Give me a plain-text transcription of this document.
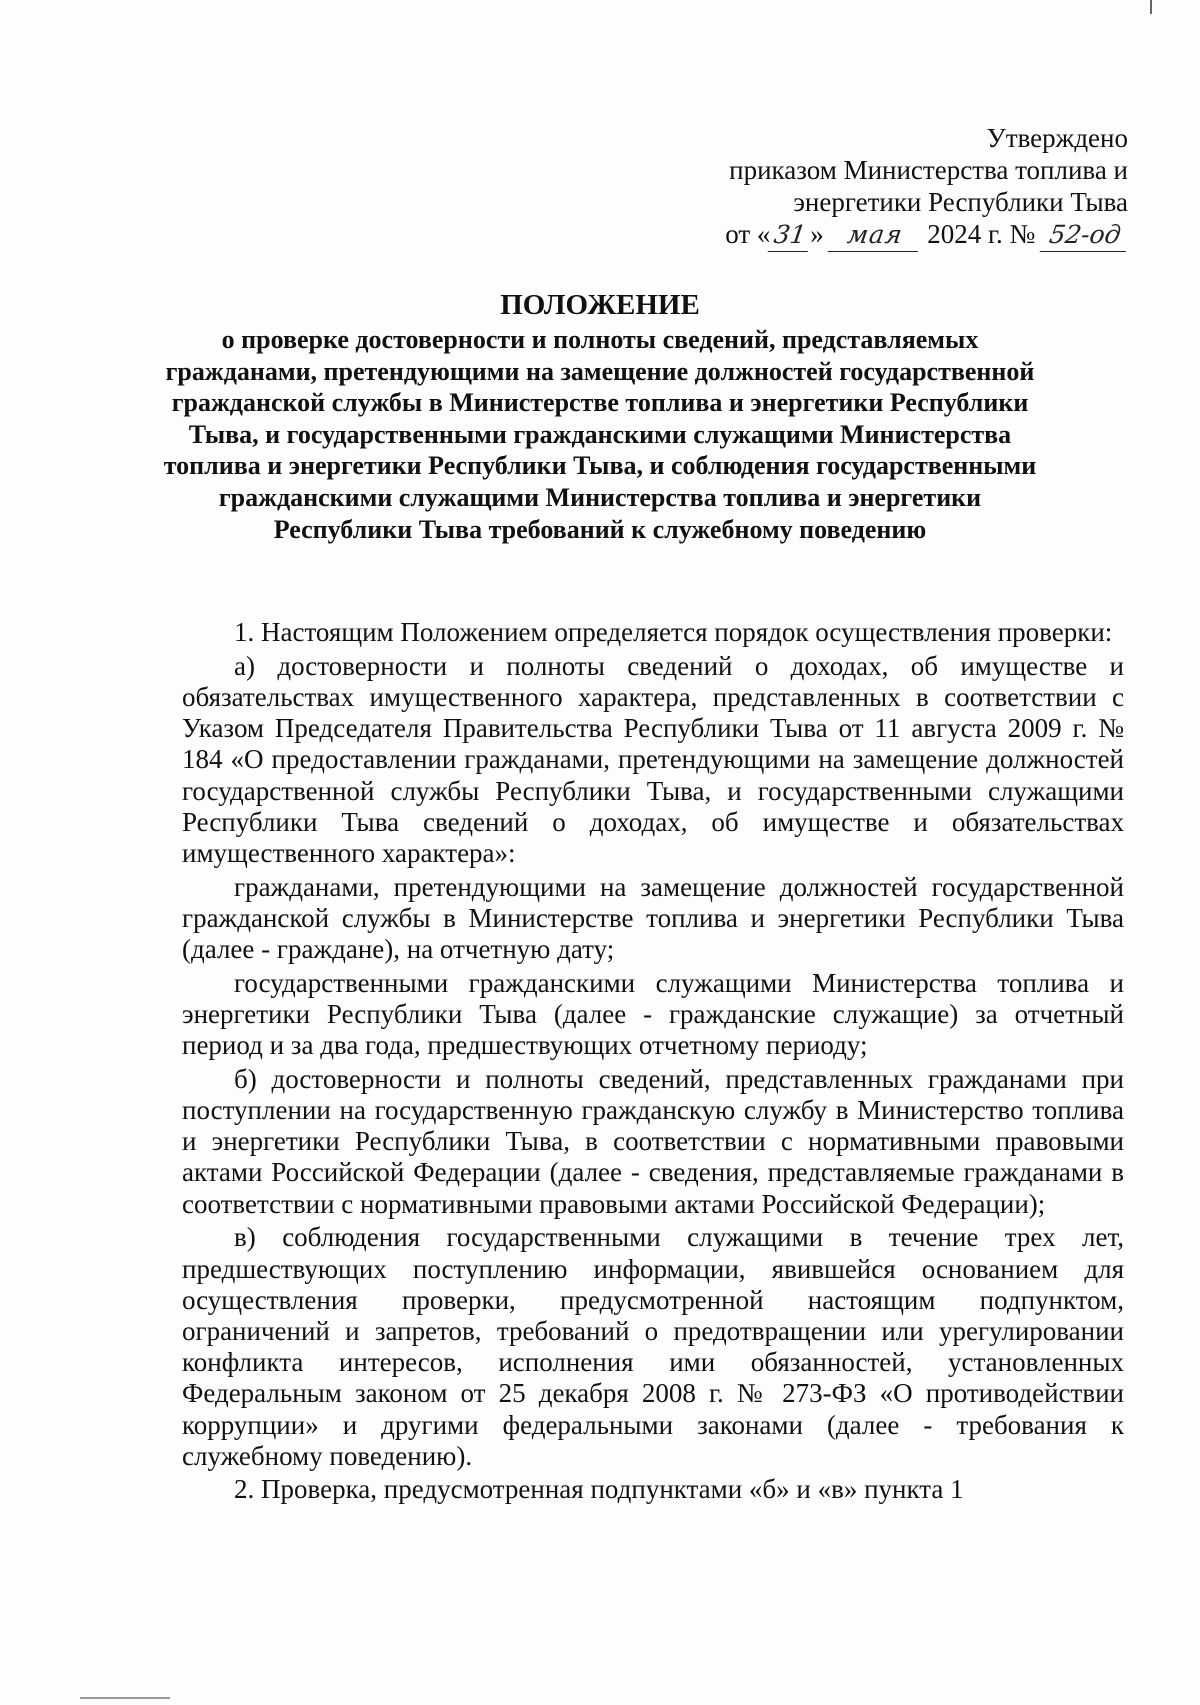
Утверждено
приказом Министерства топлива и
энергетики Республики Тыва
от «31» мая 2024 г. № 52-од
ПОЛОЖЕНИЕ
о проверке достоверности и полноты сведений, представляемых гражданами, претендующими на замещение должностей государственной гражданской службы в Министерстве топлива и энергетики Республики Тыва, и государственными гражданскими служащими Министерства топлива и энергетики Республики Тыва, и соблюдения государственными гражданскими служащими Министерства топлива и энергетики Республики Тыва требований к служебному поведению

1. Настоящим Положением определяется порядок осуществления проверки:

а) достоверности и полноты сведений о доходах, об имуществе и обязательствах имущественного характера, представленных в соответствии с Указом Председателя Правительства Республики Тыва от 11 августа 2009 г. № 184 «О предоставлении гражданами, претендующими на замещение должностей государственной службы Республики Тыва, и государственными служащими Республики Тыва сведений о доходах, об имуществе и обязательствах имущественного характера»:

гражданами, претендующими на замещение должностей государственной гражданской службы в Министерстве топлива и энергетики Республики Тыва (далее - граждане), на отчетную дату;

государственными гражданскими служащими Министерства топлива и энергетики Республики Тыва (далее - гражданские служащие) за отчетный период и за два года, предшествующих отчетному периоду;

б) достоверности и полноты сведений, представленных гражданами при поступлении на государственную гражданскую службу в Министерство топлива и энергетики Республики Тыва, в соответствии с нормативными правовыми актами Российской Федерации (далее - сведения, представляемые гражданами в соответствии с нормативными правовыми актами Российской Федерации);

в) соблюдения государственными служащими в течение трех лет, предшествующих поступлению информации, явившейся основанием для осуществления проверки, предусмотренной настоящим подпунктом, ограничений и запретов, требований о предотвращении или урегулировании конфликта интересов, исполнения ими обязанностей, установленных Федеральным законом от 25 декабря 2008 г. № 273-ФЗ «О противодействии коррупции» и другими федеральными законами (далее - требования к служебному поведению).

2. Проверка, предусмотренная подпунктами «б» и «в» пункта 1
